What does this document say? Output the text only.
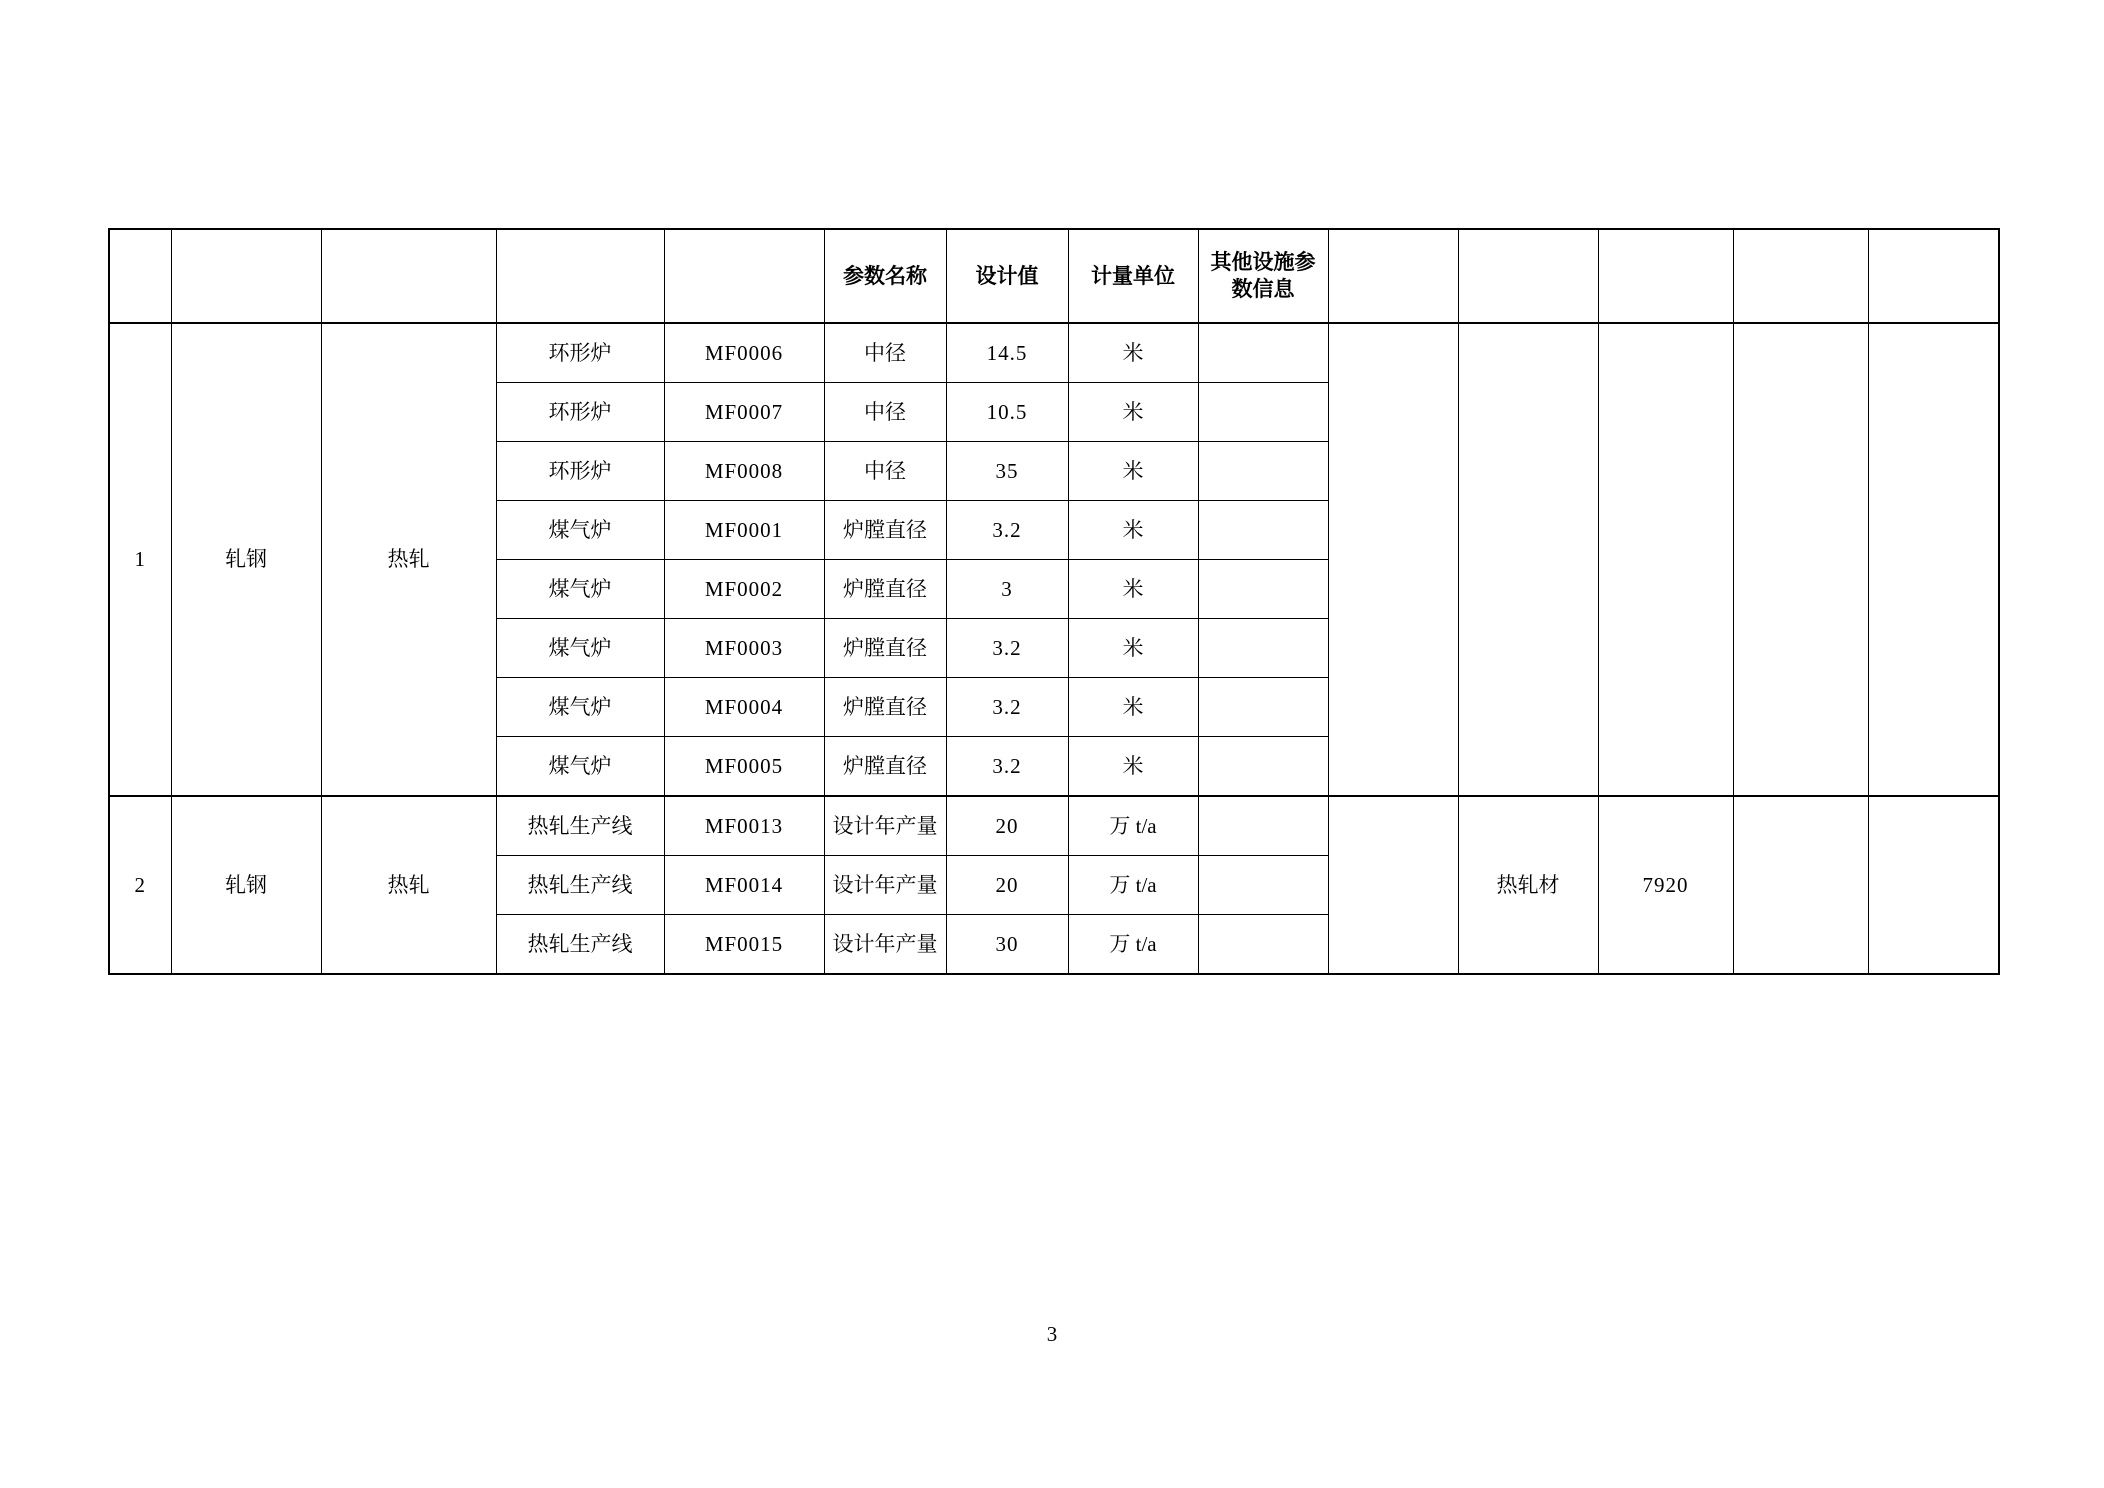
					参数名称	设计值	计量单位	其他设施参数信息					
1	轧钢	热轧	环形炉	MF0006	中径	14.5	米						
			环形炉	MF0007	中径	10.5	米						
			环形炉	MF0008	中径	35	米						
			煤气炉	MF0001	炉膛直径	3.2	米						
			煤气炉	MF0002	炉膛直径	3	米						
			煤气炉	MF0003	炉膛直径	3.2	米						
			煤气炉	MF0004	炉膛直径	3.2	米						
			煤气炉	MF0005	炉膛直径	3.2	米						
2	轧钢	热轧	热轧生产线	MF0013	设计年产量	20	万 t/a			热轧材	7920		
			热轧生产线	MF0014	设计年产量	20	万 t/a						
			热轧生产线	MF0015	设计年产量	30	万 t/a						
3
